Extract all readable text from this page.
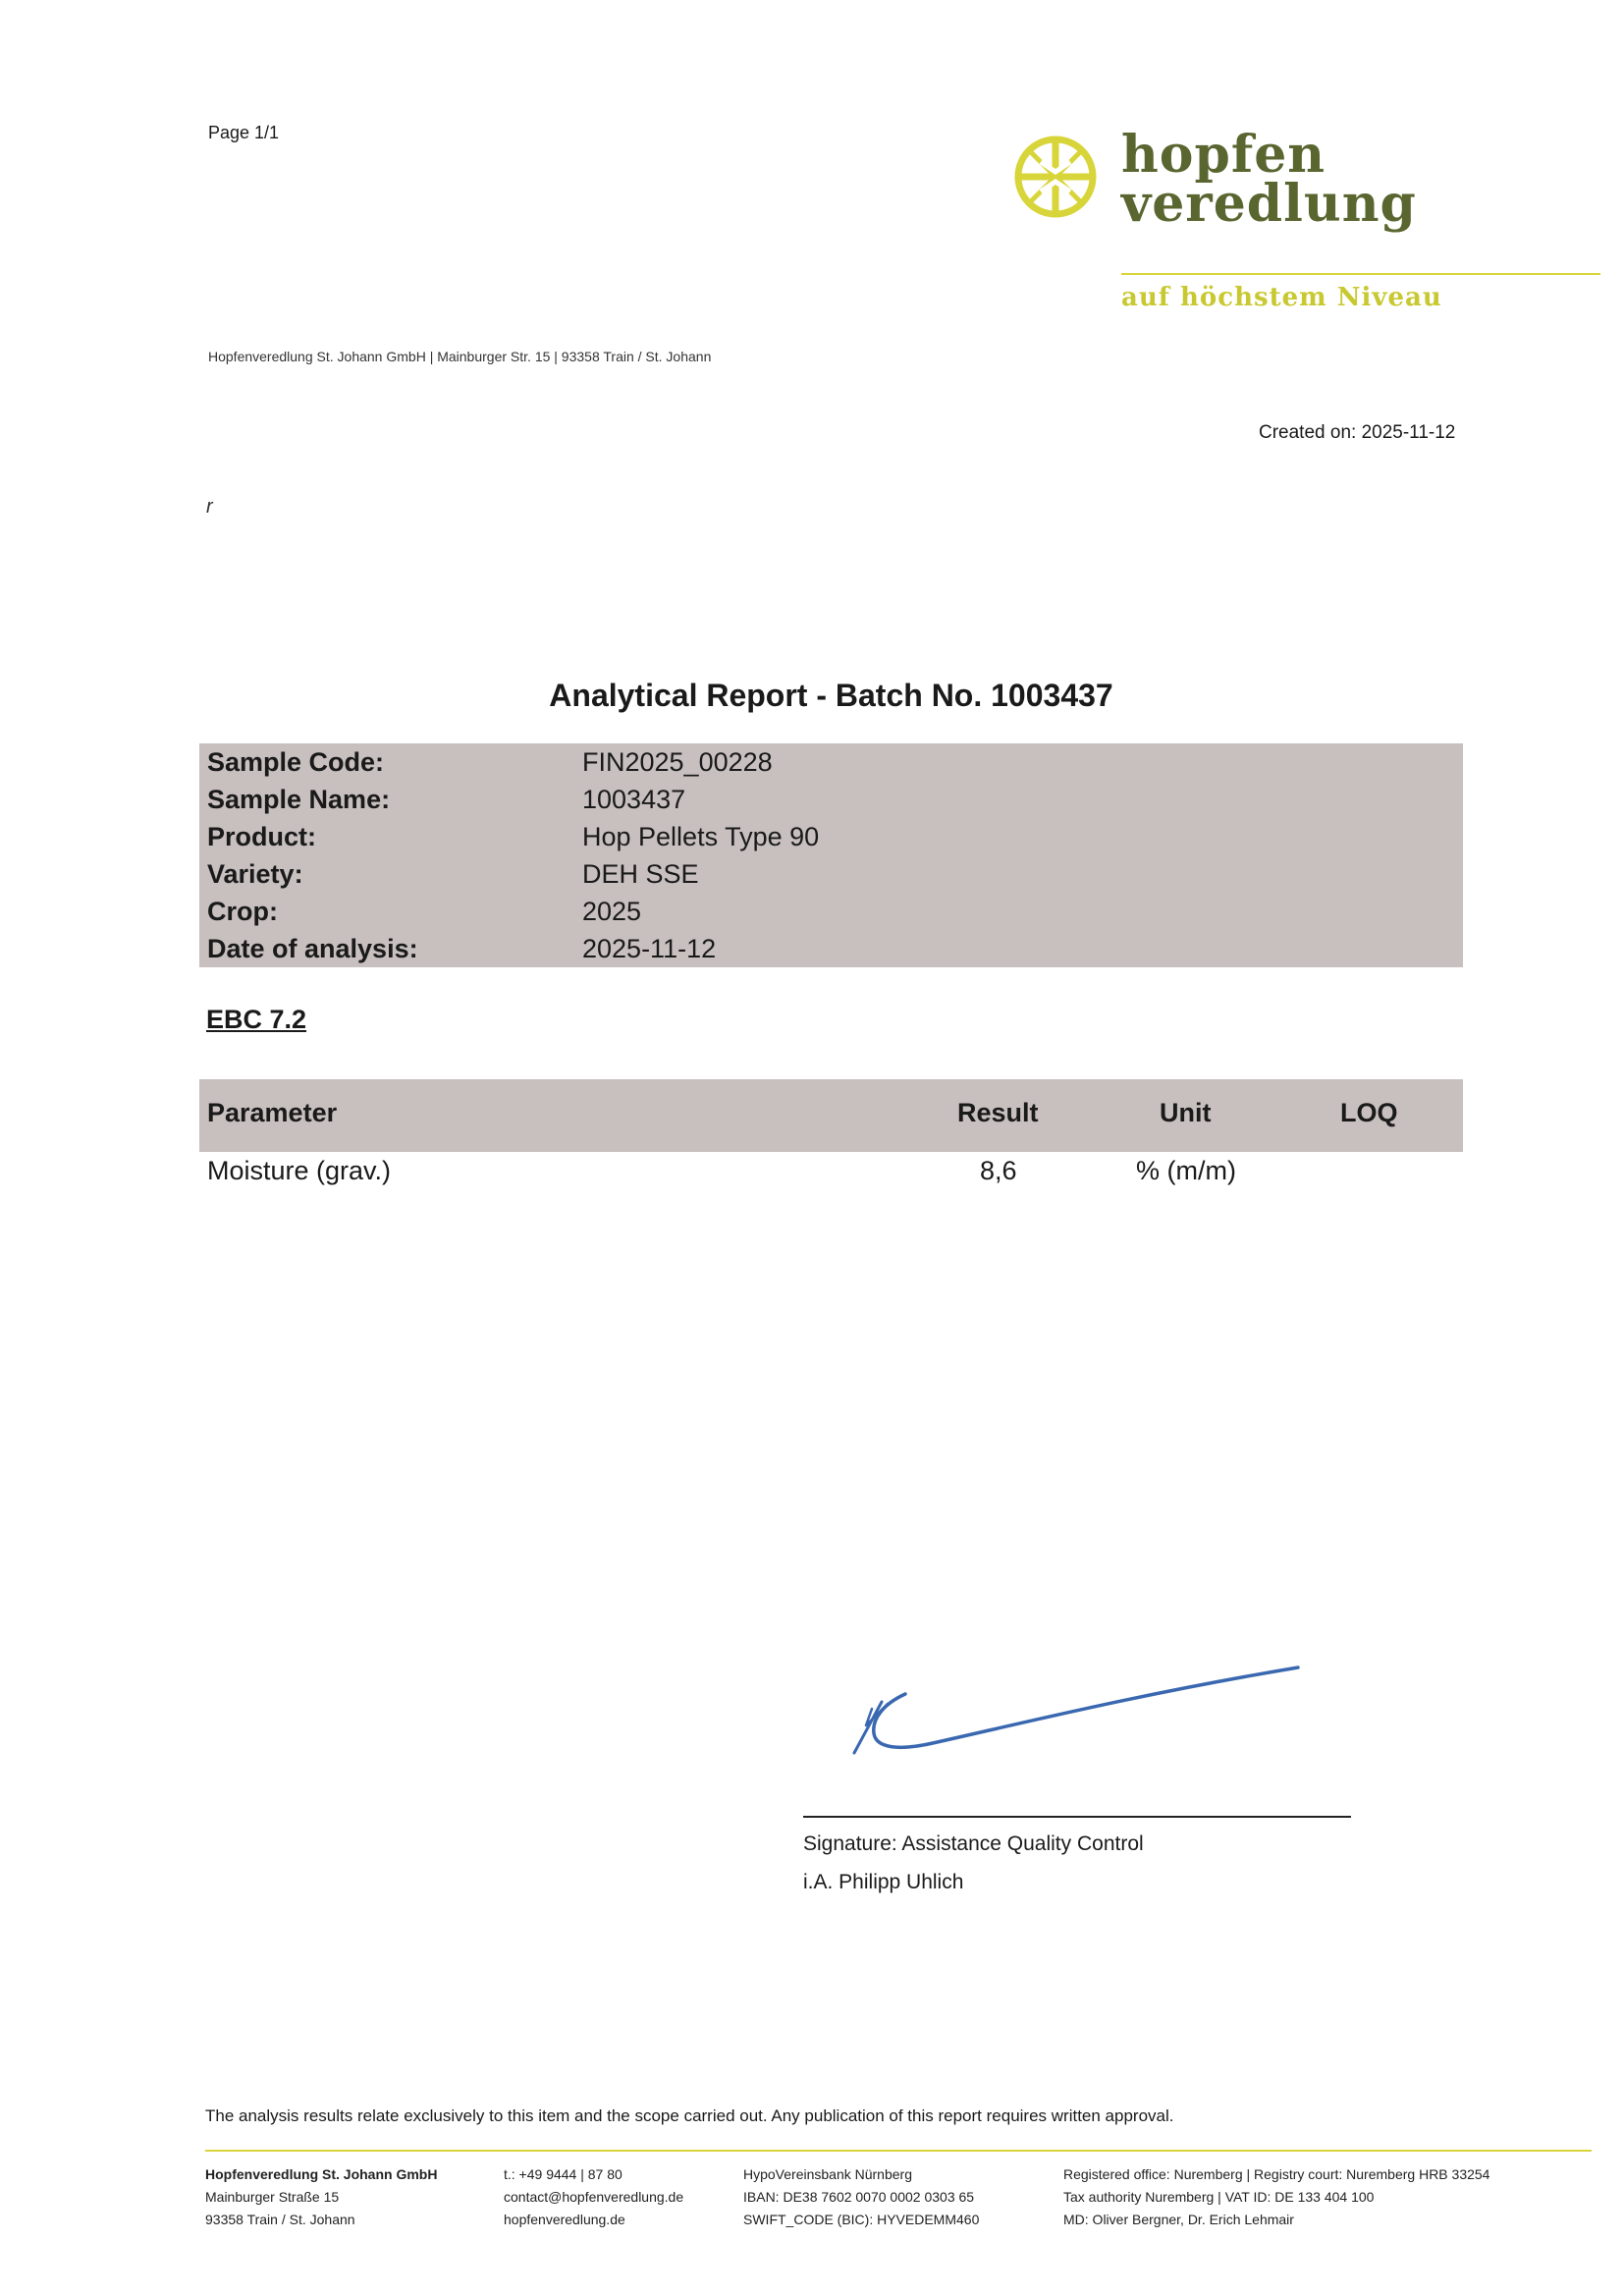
Page 1/1	hopfen
veredlung
auf höchstem Niveau
Hopfenveredlung St. Johann GmbH | Mainburger Str. 15 | 93358 Train / St. Johann
Created on: 2025-11-12
r
Analytical Report - Batch No. 1003437
Sample Code:	FIN2025_00228
Sample Name:	1003437
Product:	Hop Pellets Type 90
Variety:	DEH SSE
Crop:	2025
Date of analysis:	2025-11-12
EBC 7.2
Parameter	Result	Unit	LOQ
Moisture (grav.)	8,6	% (m/m)
Signature: Assistance Quality Control
i.A. Philipp Uhlich
The analysis results relate exclusively to this item and the scope carried out. Any publication of this report requires written approval.
Hopfenveredlung St. Johann GmbH
Mainburger Straße 15
93358 Train / St. Johann
t.: +49 9444 | 87 80
contact@hopfenveredlung.de
hopfenveredlung.de
HypoVereinsbank Nürnberg
IBAN: DE38 7602 0070 0002 0303 65
SWIFT_CODE (BIC): HYVEDEMM460
Registered office: Nuremberg | Registry court: Nuremberg HRB 33254
Tax authority Nuremberg | VAT ID: DE 133 404 100
MD: Oliver Bergner, Dr. Erich Lehmair
